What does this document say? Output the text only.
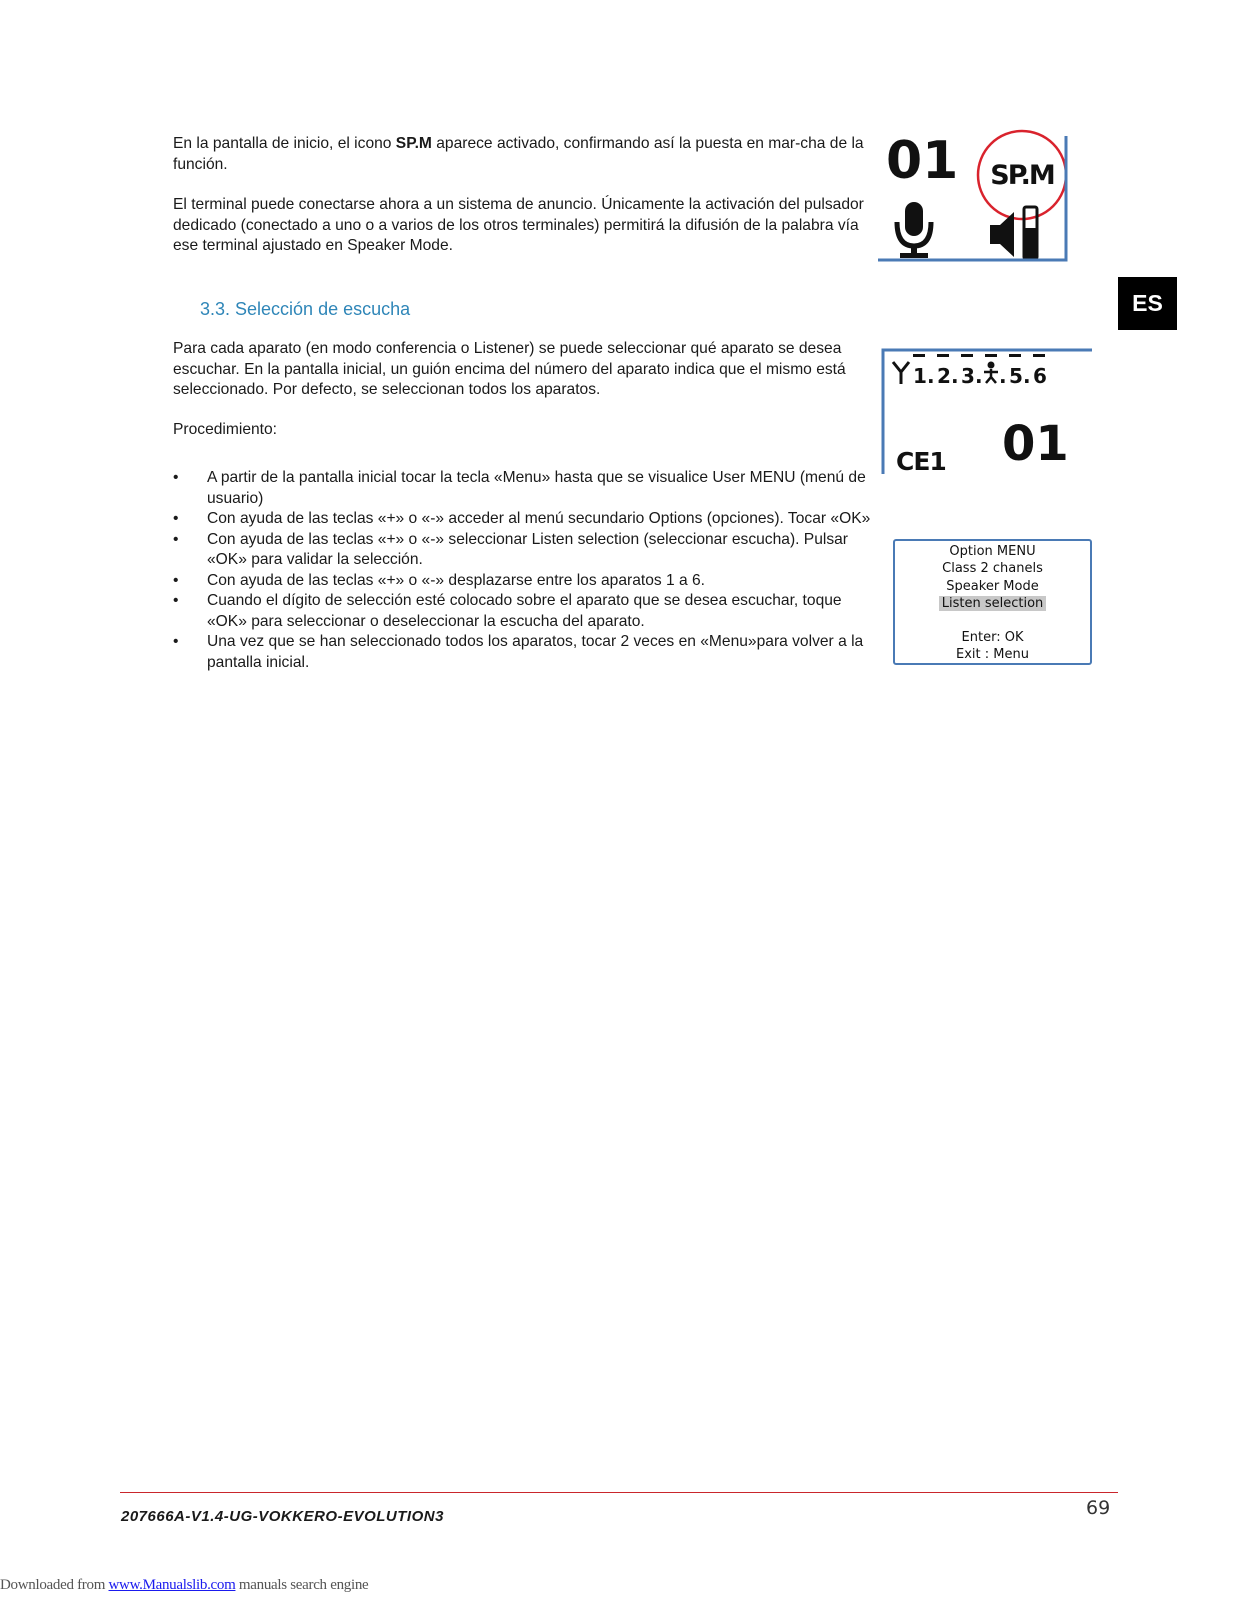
En la pantalla de inicio, el icono SP.M aparece activado, confirmando así la puesta en mar-cha de la función.

El terminal puede conectarse ahora a un sistema de anuncio. Únicamente la activación del pulsador dedicado (conectado a uno o a varios de los otros terminales) permitirá la difusión de la palabra vía ese terminal ajustado en Speaker Mode.

3.3. Selección de escucha

Para cada aparato (en modo conferencia o Listener) se puede seleccionar qué aparato se desea escuchar. En la pantalla inicial, un guión encima del número del aparato indica que el mismo está seleccionado. Por defecto, se seleccionan todos los aparatos.

Procedimiento:

• A partir de la pantalla inicial tocar la tecla «Menu» hasta que se visualice User MENU (menú de usuario)
• Con ayuda de las teclas «+» o «-» acceder al menú secundario Options (opciones). Tocar «OK»
• Con ayuda de las teclas «+» o «-» seleccionar Listen selection (seleccionar escucha). Pulsar «OK» para validar la selección.
• Con ayuda de las teclas «+» o «-» desplazarse entre los aparatos 1 a 6.
• Cuando el dígito de selección esté colocado sobre el aparato que se desea escuchar, toque «OK» para seleccionar o deseleccionar la escucha del aparato.
• Una vez que se han seleccionado todos los aparatos, tocar 2 veces en «Menu»para volver a la pantalla inicial.
ES
01 SP.M
1 . 2 . 3 . . 5 . 6
CE1 01
Option MENU
Class 2 chanels
Speaker Mode
Listen selection
Enter: OK
Exit : Menu

207666A-V1.4-UG-VOKKERO-EVOLUTION3	69

Downloaded from www.Manualslib.com manuals search engine
